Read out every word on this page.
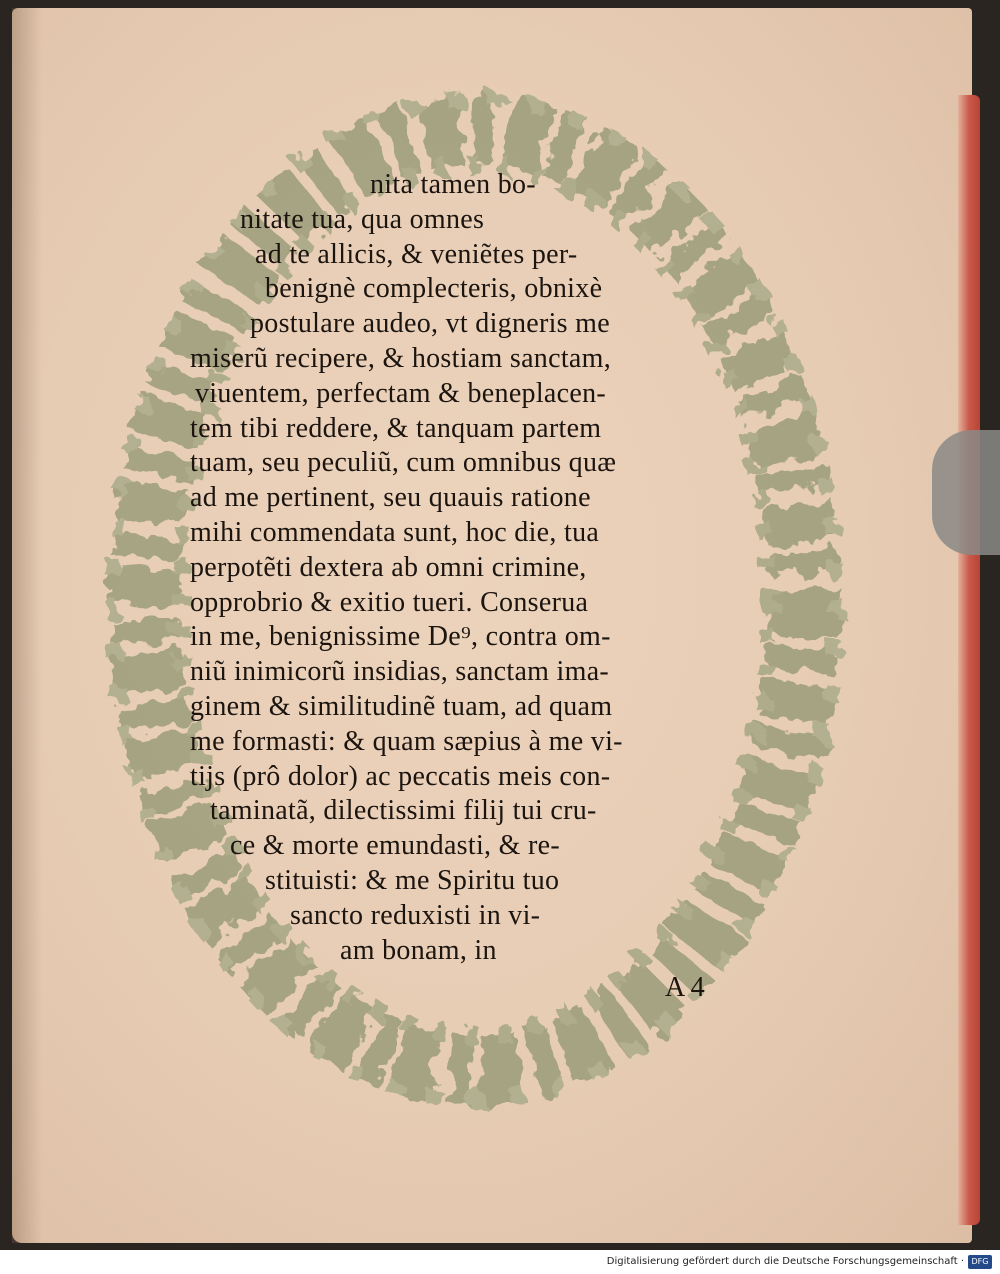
nita tamen bo-
nitate tua, qua omnes
ad te allicis, & veniẽtes per-
benignè complecteris, obnixè
postulare audeo, vt digneris me
miserũ recipere, & hostiam sanctam,
viuentem, perfectam & beneplacen-
tem tibi reddere, & tanquam partem
tuam, seu peculiũ, cum omnibus quæ
ad me pertinent, seu quauis ratione
mihi commendata sunt, hoc die, tua
perpotẽti dextera ab omni crimine,
opprobrio & exitio tueri. Conserua
in me, benignissime De⁹, contra om-
niũ inimicorũ insidias, sanctam ima-
ginem & similitudinẽ tuam, ad quam
me formasti: & quam sæpius à me vi-
tijs (prô dolor) ac peccatis meis con-
taminatã, dilectissimi filij tui cru-
ce & morte emundasti, & re-
stituisti: & me Spiritu tuo
sancto reduxisti in vi-
am bonam, in
A 4
Digitalisierung gefördert durch die Deutsche Forschungsgemeinschaft · DFG
